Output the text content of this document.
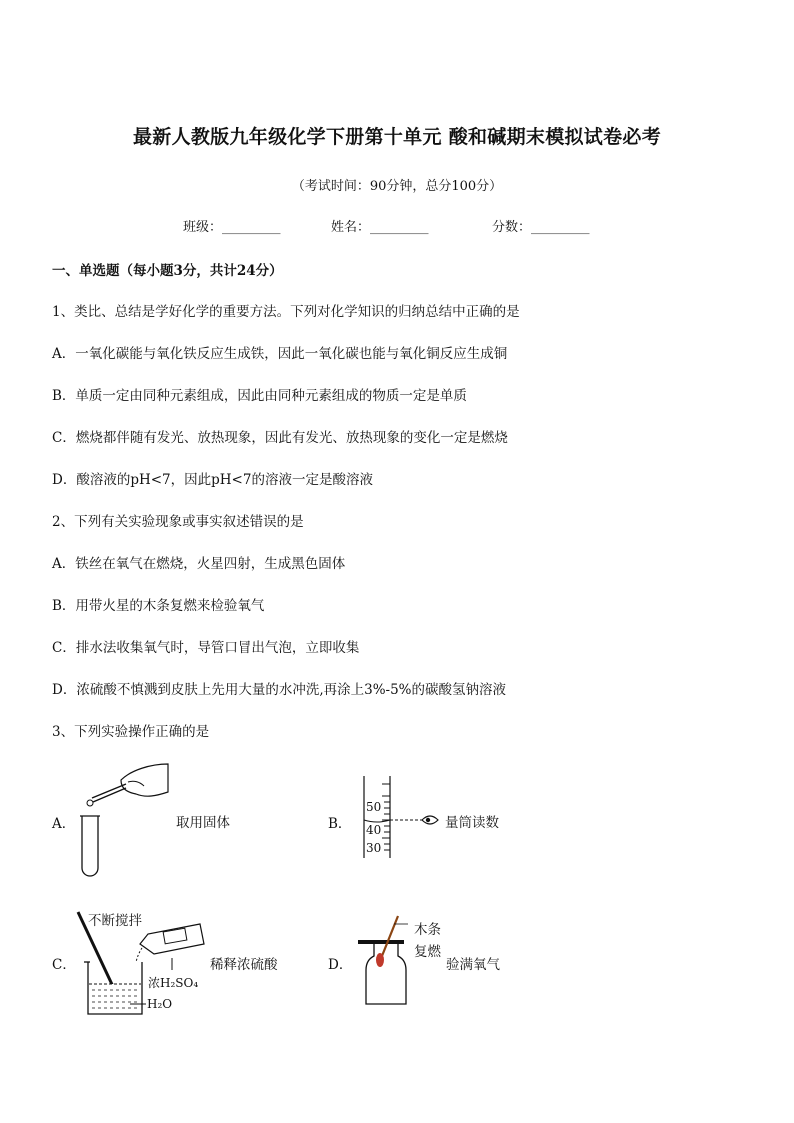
最新人教版九年级化学下册第十单元 酸和碱期末模拟试卷必考
（考试时间：90分钟，总分100分）
班级：_________	姓名：_________	分数：_________
一、单选题（每小题3分，共计24分）
1、类比、总结是学好化学的重要方法。下列对化学知识的归纳总结中正确的是
A．一氧化碳能与氧化铁反应生成铁，因此一氧化碳也能与氧化铜反应生成铜
B．单质一定由同种元素组成，因此由同种元素组成的物质一定是单质
C．燃烧都伴随有发光、放热现象，因此有发光、放热现象的变化一定是燃烧
D．酸溶液的pH<7，因此pH<7的溶液一定是酸溶液
2、下列有关实验现象或事实叙述错误的是
A．铁丝在氧气在燃烧，火星四射，生成黑色固体
B．用带火星的木条复燃来检验氧气
C．排水法收集氧气时，导管口冒出气泡，立即收集
D．浓硫酸不慎溅到皮肤上先用大量的水冲洗,再涂上3%-5%的碳酸氢钠溶液
3、下列实验操作正确的是
A．	取用固体	B．
50
40
30
量筒读数
C．
不断搅拌
稀释浓硫酸
浓H₂SO₄
H₂O
D．
木条
复燃
验满氧气
